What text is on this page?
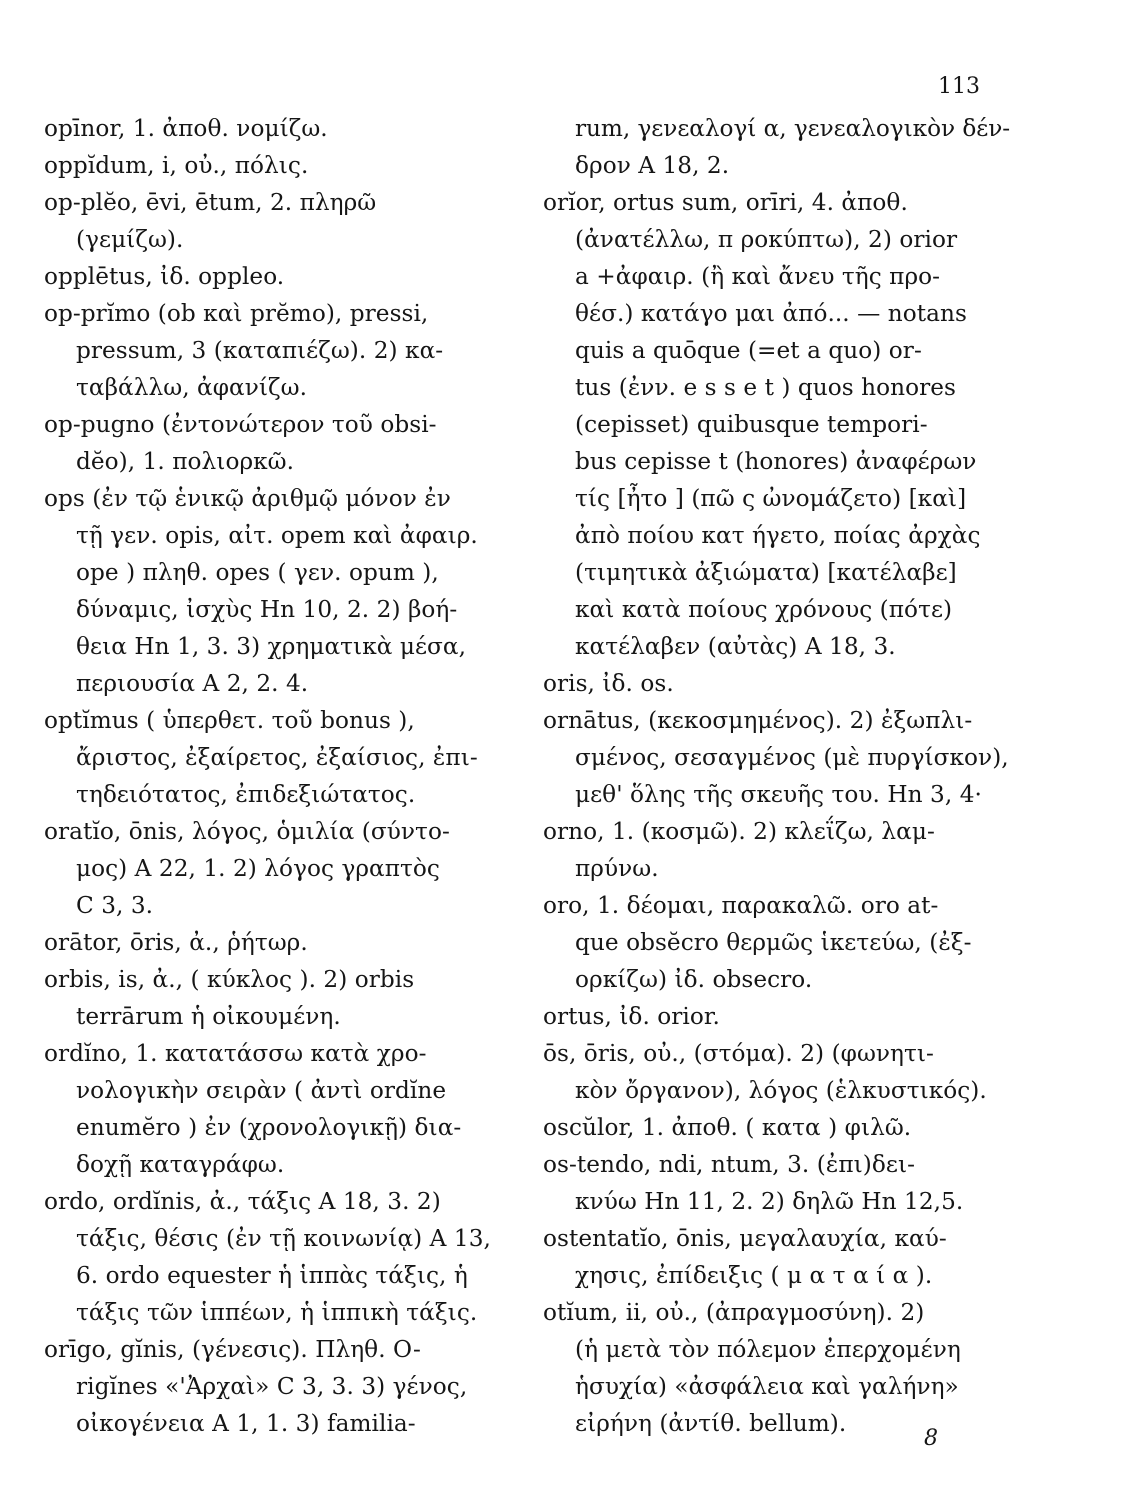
113
opīnor, 1. ἀποθ. νομίζω.
oppĭdum, i, οὐ., πόλις.
op-plĕo, ēvi, ētum, 2. πληρῶ
(γεμίζω).
opplētus, ἰδ. oppleo.
op-prĭmo (ob καὶ prĕmo), pressi,
pressum, 3 (καταπιέζω). 2) κα-
ταβάλλω, ἀφανίζω.
op-pugno (ἐντονώτερον τοῦ obsi-
dĕo), 1. πολιορκῶ.
ops (ἐν τῷ ἑνικῷ ἀριθμῷ μόνον ἐν
τῇ γεν. opis, αἰτ. opem καὶ ἀφαιρ.
ope ) πληθ. opes ( γεν. opum ),
δύναμις, ἰσχὺς Hn 10, 2. 2) βοή-
θεια Hn 1, 3. 3) χρηματικὰ μέσα,
περιουσία A 2, 2. 4.
optĭmus ( ὑπερθετ. τοῦ bonus ),
ἄριστος, ἐξαίρετος, ἐξαίσιος, ἐπι-
τηδειότατος, ἐπιδεξιώτατος.
oratĭo, ōnis, λόγος, ὁμιλία (σύντο-
μος) A 22, 1. 2) λόγος γραπτὸς
C 3, 3.
orātor, ōris, ἀ., ῥήτωρ.
orbis, is, ἀ., ( κύκλος ). 2) orbis
terrārum ἡ οἰκουμένη.
ordĭno, 1. κατατάσσω κατὰ χρο-
νολογικὴν σειρὰν ( ἀντὶ ordĭne
enumĕro ) ἐν (χρονολογικῇ) δια-
δοχῇ καταγράφω.
ordo, ordĭnis, ἀ., τάξις A 18, 3. 2)
τάξις, θέσις (ἐν τῇ κοινωνίᾳ) A 13,
6. ordo equester ἡ ἱππὰς τάξις, ἡ
τάξις τῶν ἱππέων, ἡ ἱππικὴ τάξις.
orīgo, gĭnis, (γένεσις). Πληθ. O-
rigĭnes «'Ἀρχαὶ» C 3, 3. 3) γένος,
οἰκογένεια A 1, 1. 3) familia-
rum, γενεαλογί α, γενεαλογικὸν δέν-
δρον A 18, 2.
orĭor, ortus sum, orīri, 4. ἀποθ.
(ἀνατέλλω, π ροκύπτω), 2) orior
a +ἀφαιρ. (ἢ καὶ ἄνευ τῆς προ-
θέσ.) κατάγο μαι ἀπό... — notans
quis a quōque (=et a quo) or-
tus (ἐνν. e s s e t ) quos honores
(cepisset) quibusque tempori-
bus cepisse t (honores) ἀναφέρων
τίς [ἦτο ] (πῶ ς ὠνομάζετο) [καὶ]
ἀπὸ ποίου κατ ήγετο, ποίας ἀρχὰς
(τιμητικὰ ἀξιώματα) [κατέλαβε]
καὶ κατὰ ποίους χρόνους (πότε)
κατέλαβεν (αὐτὰς) A 18, 3.
oris, ἰδ. os.
ornātus, (κεκοσμημένος). 2) ἐξωπλι-
σμένος, σεσαγμένος (μὲ πυργίσκον),
μεθ' ὅλης τῆς σκευῆς του. Hn 3, 4·
orno, 1. (κοσμῶ). 2) κλεΐζω, λαμ-
πρύνω.
oro, 1. δέομαι, παρακαλῶ. oro at-
que obsĕcro θερμῶς ἱκετεύω, (ἐξ-
ορκίζω) ἰδ. obsecro.
ortus, ἰδ. orior.
ōs, ōris, οὐ., (στόμα). 2) (φωνητι-
κὸν ὄργανον), λόγος (ἑλκυστικός).
oscŭlor, 1. ἀποθ. ( κατα ) φιλῶ.
os-tendo, ndi, ntum, 3. (ἐπι)δει-
κνύω Hn 11, 2. 2) δηλῶ Hn 12,5.
ostentatĭo, ōnis, μεγαλαυχία, καύ-
χησις, ἐπίδειξις ( μ α τ α ί α ).
otĭum, ii, οὐ., (ἀπραγμοσύνη). 2)
(ἡ μετὰ τὸν πόλεμον ἐπερχομένη
ἡσυχία) «ἀσφάλεια καὶ γαλήνη»
εἰρήνη (ἀντίθ. bellum).
8
